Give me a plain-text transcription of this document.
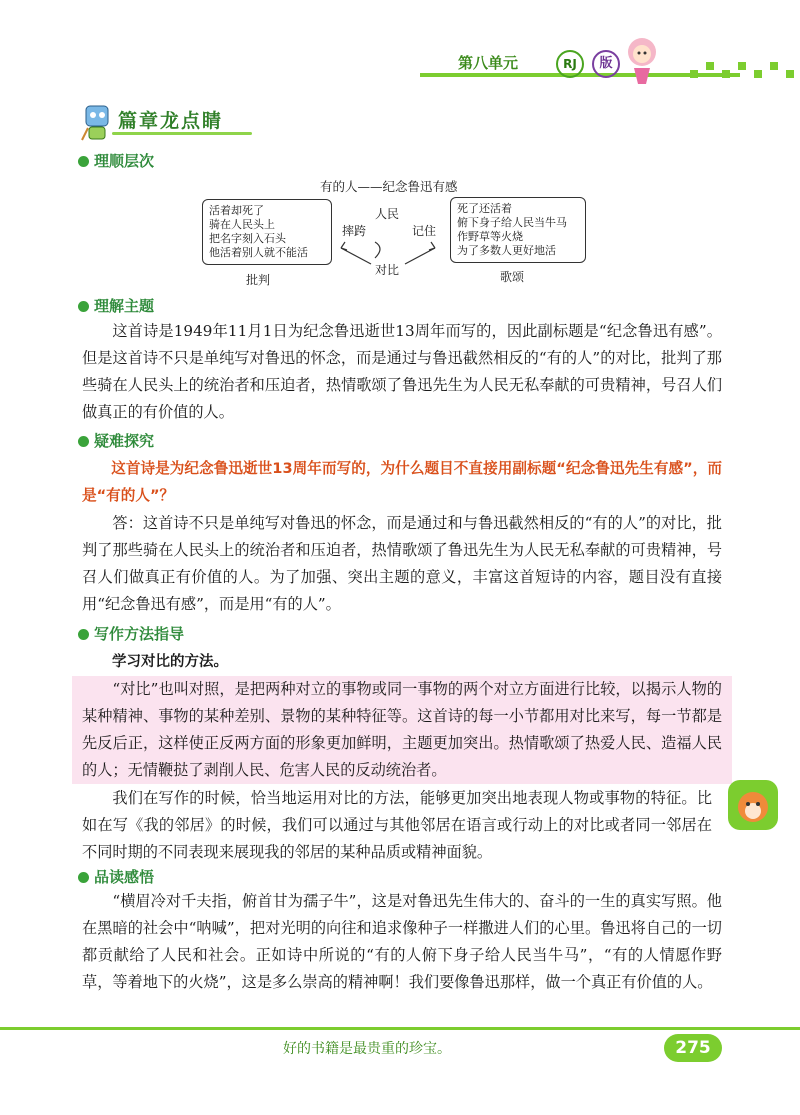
第八单元	RJ	版
篇章龙点睛
理顺层次
有的人——纪念鲁迅有感
活着却死了
骑在人民头上
把名字刻入石头
他活着别人就不能活
批判
人民
摔跨	记住
对比
死了还活着
俯下身子给人民当牛马
作野草等火烧
为了多数人更好地活
歌颂
理解主题

这首诗是1949年11月1日为纪念鲁迅逝世13周年而写的，因此副标题是“纪念鲁迅有感”。但是这首诗不只是单纯写对鲁迅的怀念，而是通过与鲁迅截然相反的“有的人”的对比，批判了那些骑在人民头上的统治者和压迫者，热情歌颂了鲁迅先生为人民无私奉献的可贵精神，号召人们做真正的有价值的人。

疑难探究

这首诗是为纪念鲁迅逝世13周年而写的，为什么题目不直接用副标题“纪念鲁迅先生有感”，而是“有的人”？

答：这首诗不只是单纯写对鲁迅的怀念，而是通过和与鲁迅截然相反的“有的人”的对比，批判了那些骑在人民头上的统治者和压迫者，热情歌颂了鲁迅先生为人民无私奉献的可贵精神，号召人们做真正有价值的人。为了加强、突出主题的意义，丰富这首短诗的内容，题目没有直接用“纪念鲁迅有感”，而是用“有的人”。

写作方法指导
学习对比的方法。

“对比”也叫对照，是把两种对立的事物或同一事物的两个对立方面进行比较，以揭示人物的某种精神、事物的某种差别、景物的某种特征等。这首诗的每一小节都用对比来写，每一节都是先反后正，这样使正反两方面的形象更加鲜明，主题更加突出。热情歌颂了热爱人民、造福人民的人；无情鞭挞了剥削人民、危害人民的反动统治者。

我们在写作的时候，恰当地运用对比的方法，能够更加突出地表现人物或事物的特征。比如在写《我的邻居》的时候，我们可以通过与其他邻居在语言或行动上的对比或者同一邻居在不同时期的不同表现来展现我的邻居的某种品质或精神面貌。

品读感悟

“横眉冷对千夫指，俯首甘为孺子牛”，这是对鲁迅先生伟大的、奋斗的一生的真实写照。他在黑暗的社会中“呐喊”，把对光明的向往和追求像种子一样撒进人们的心里。鲁迅将自己的一切都贡献给了人民和社会。正如诗中所说的“有的人俯下身子给人民当牛马”，“有的人情愿作野草，等着地下的火烧”，这是多么崇高的精神啊！我们要像鲁迅那样，做一个真正有价值的人。

好的书籍是最贵重的珍宝。	275
